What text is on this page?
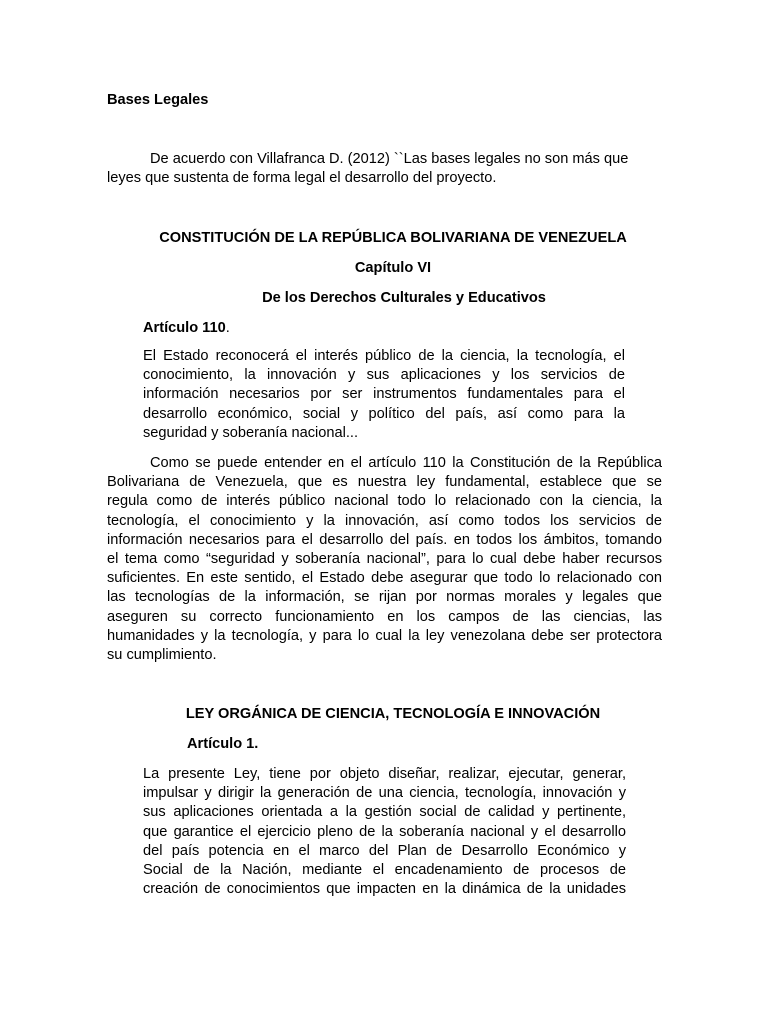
Bases Legales

De acuerdo con Villafranca D. (2012) ``Las bases legales no son más que
leyes que sustenta de forma legal el desarrollo del proyecto.

CONSTITUCIÓN DE LA REPÚBLICA BOLIVARIANA DE VENEZUELA

Capítulo VI

De los Derechos Culturales y Educativos

Artículo 110.

El Estado reconocerá el interés público de la ciencia, la tecnología, el
conocimiento, la innovación y sus aplicaciones y los servicios de
información necesarios por ser instrumentos fundamentales para el
desarrollo económico, social y político del país, así como para la
seguridad y soberanía nacional...
Como se puede entender en el artículo 110 la Constitución de la República
Bolivariana de Venezuela, que es nuestra ley fundamental, establece que se
regula como de interés público nacional todo lo relacionado con la ciencia, la
tecnología, el conocimiento y la innovación, así como todos los servicios de
información necesarios para el desarrollo del país. en todos los ámbitos, tomando
el tema como “seguridad y soberanía nacional”, para lo cual debe haber recursos
suficientes. En este sentido, el Estado debe asegurar que todo lo relacionado con
las tecnologías de la información, se rijan por normas morales y legales que
aseguren su correcto funcionamiento en los campos de las ciencias, las
humanidades y la tecnología, y para lo cual la ley venezolana debe ser protectora
su cumplimiento.

LEY ORGÁNICA DE CIENCIA, TECNOLOGÍA E INNOVACIÓN

Artículo 1.

La presente Ley, tiene por objeto diseñar, realizar, ejecutar, generar,
impulsar y dirigir la generación de una ciencia, tecnología, innovación y
sus aplicaciones orientada a la gestión social de calidad y pertinente,
que garantice el ejercicio pleno de la soberanía nacional y el desarrollo
del país potencia en el marco del Plan de Desarrollo Económico y
Social de la Nación, mediante el encadenamiento de procesos de
creación de conocimientos que impacten en la dinámica de la unidades
